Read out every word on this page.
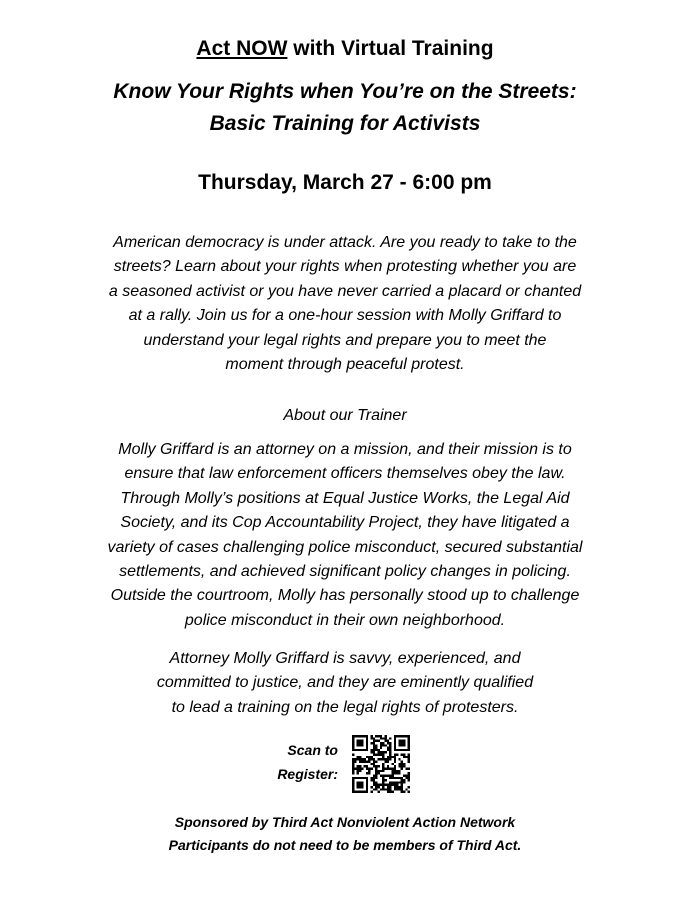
Act NOW with Virtual Training
Know Your Rights when You’re on the Streets:
Basic Training for Activists
Thursday, March 27 - 6:00 pm
American democracy is under attack. Are you ready to take to the
streets? Learn about your rights when protesting whether you are
a seasoned activist or you have never carried a placard or chanted
at a rally. Join us for a one-hour session with Molly Griffard to
understand your legal rights and prepare you to meet the
moment through peaceful protest.
About our Trainer
Molly Griffard is an attorney on a mission, and their mission is to
ensure that law enforcement officers themselves obey the law.
Through Molly’s positions at Equal Justice Works, the Legal Aid
Society, and its Cop Accountability Project, they have litigated a
variety of cases challenging police misconduct, secured substantial
settlements, and achieved significant policy changes in policing.
Outside the courtroom, Molly has personally stood up to challenge
police misconduct in their own neighborhood.
Attorney Molly Griffard is savvy, experienced, and
committed to justice, and they are eminently qualified
to lead a training on the legal rights of protesters.
Scan to
Register:
Sponsored by Third Act Nonviolent Action Network
Participants do not need to be members of Third Act.
